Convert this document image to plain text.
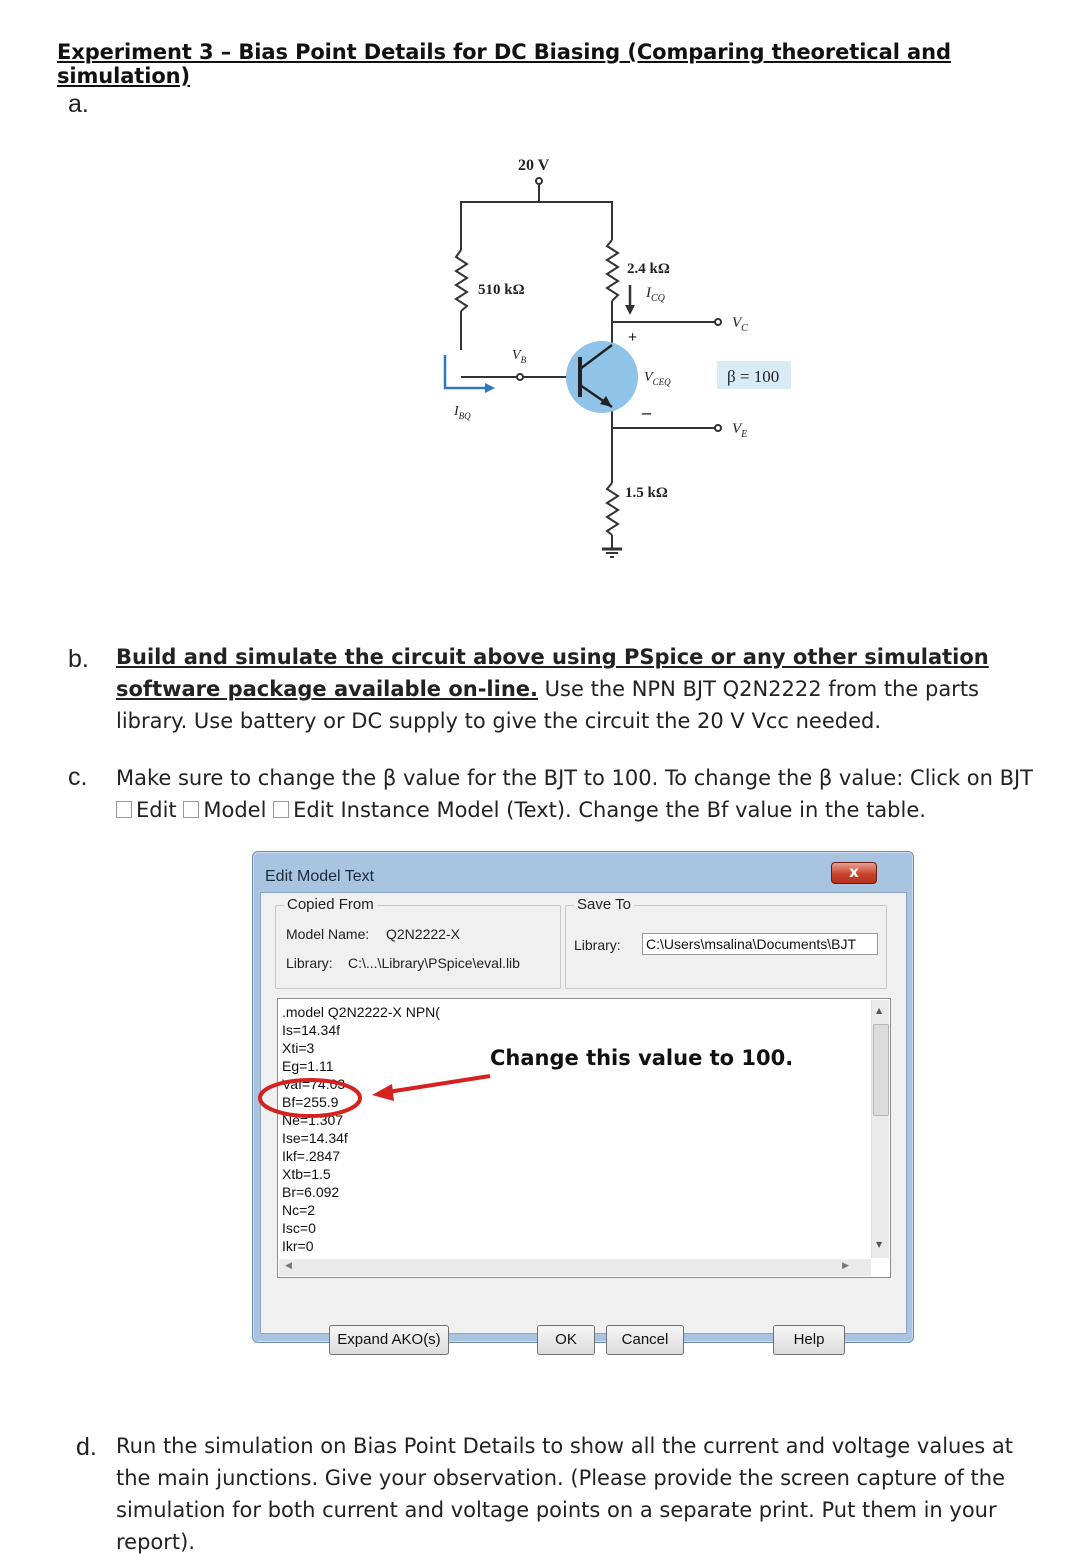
Experiment 3 – Bias Point Details for DC Biasing (Comparing theoretical and simulation)
a.
20 V
510 kΩ
2.4 kΩ
1.5 kΩ
+
–
$I_{CQ}$
$V_C$
$V_B$
$V_{CEQ}$
$V_E$
$I_{BQ}$
β = 100
b. Build and simulate the circuit above using PSpice or any other simulation software package available on-line. Use the NPN BJT Q2N2222 from the parts library. Use battery or DC supply to give the circuit the 20 V Vcc needed.
c. Make sure to change the β value for the BJT to 100. To change the β value: Click on BJT
Edit Model Edit Instance Model (Text). Change the Bf value in the table.
Edit Model Text	x
Copied From
Model Name: Q2N2222-X
Library: C:\...\Library\PSpice\eval.lib
Save To
Library: C:\Users\msalina\Documents\BJT
.model Q2N2222-X NPN(
Is=14.34f
Xti=3
Eg=1.11
Vaf=74.03
Bf=255.9
Ne=1.307
Ise=14.34f
Ikf=.2847
Xtb=1.5
Br=6.092
Nc=2
Isc=0
Ikr=0
▲
▼
◀	▶
Expand AKO(s)	OK	Cancel	Help
Change this value to 100.
d. Run the simulation on Bias Point Details to show all the current and voltage values at the main junctions. Give your observation. (Please provide the screen capture of the simulation for both current and voltage points on a separate print. Put them in your report).
